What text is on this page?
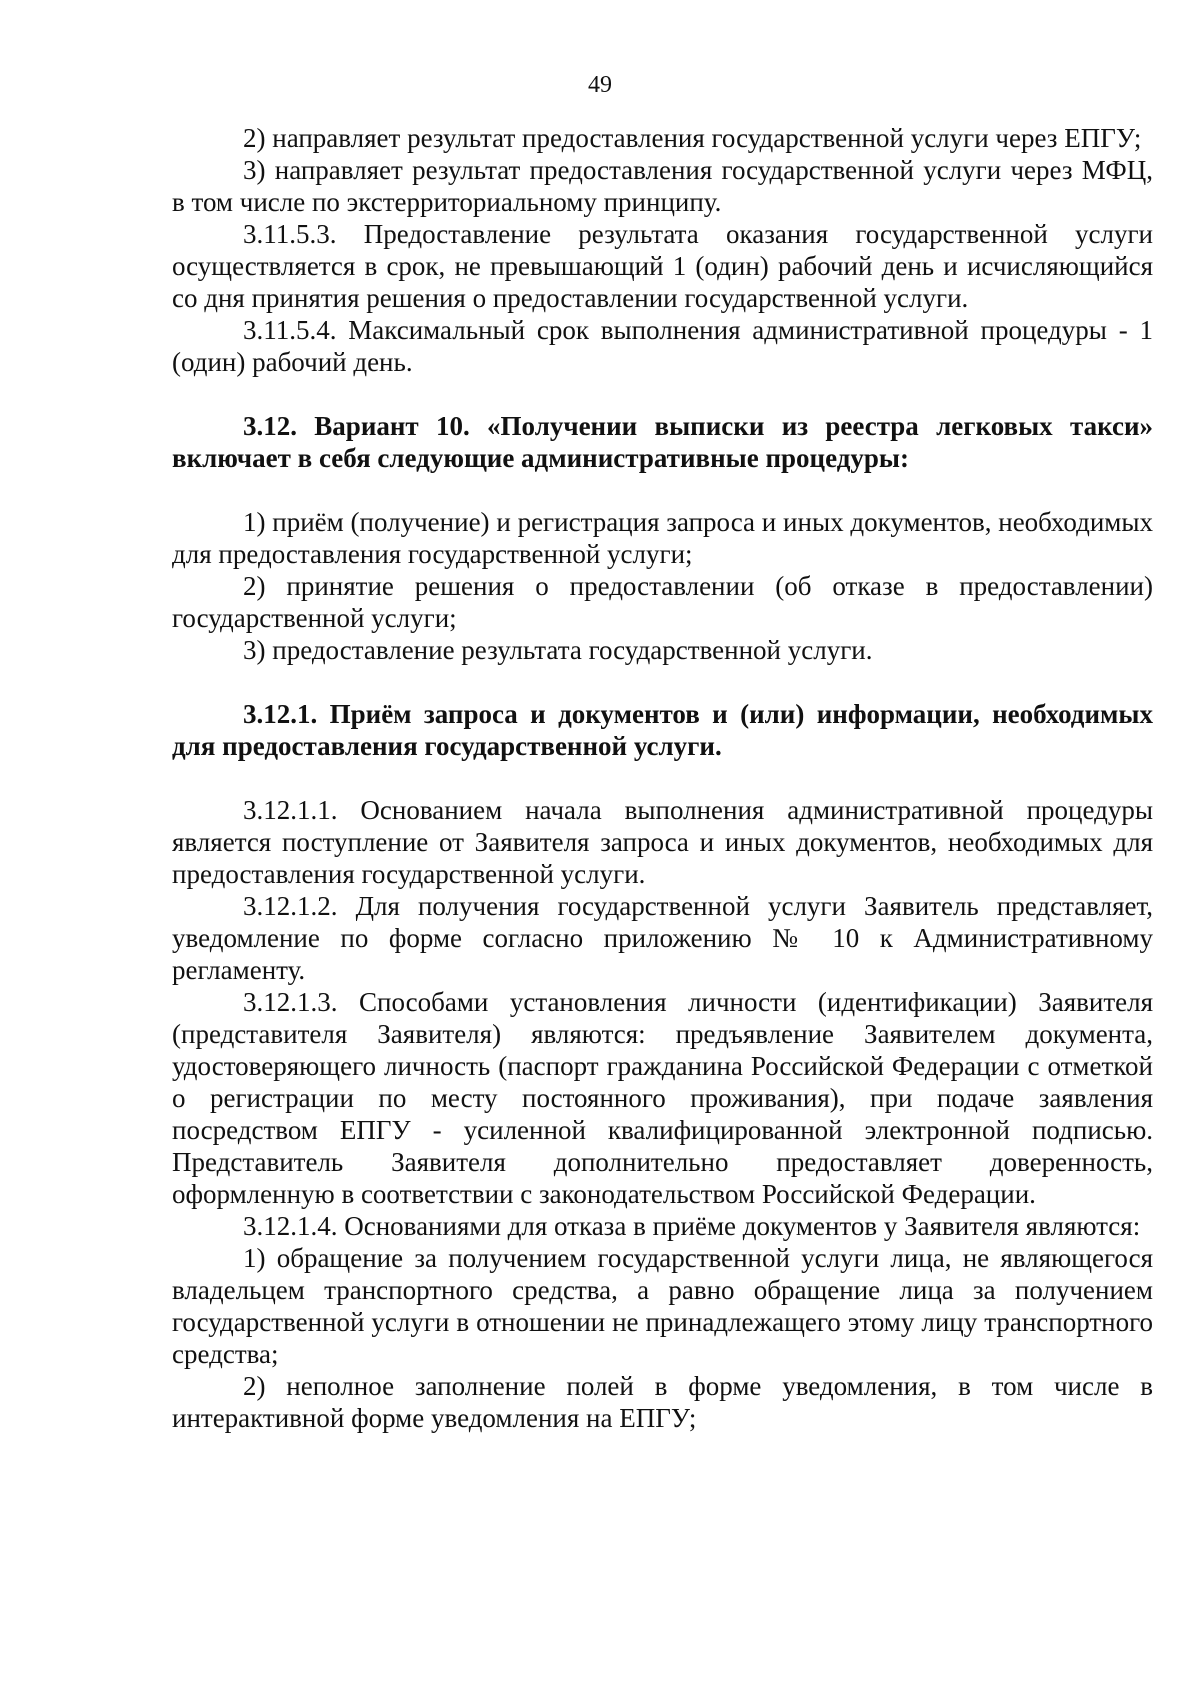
49

2) направляет результат предоставления государственной услуги через ЕПГУ;

3) направляет результат предоставления государственной услуги через МФЦ, в том числе по экстерриториальному принципу.

3.11.5.3. Предоставление результата оказания государственной услуги осуществляется в срок, не превышающий 1 (один) рабочий день и исчисляющийся со дня принятия решения о предоставлении государственной услуги.

3.11.5.4. Максимальный срок выполнения административной процедуры - 1 (один) рабочий день.

3.12. Вариант 10. «Получении выписки из реестра легковых такси» включает в себя следующие административные процедуры:

1) приём (получение) и регистрация запроса и иных документов, необходимых для предоставления государственной услуги;

2) принятие решения о предоставлении (об отказе в предоставлении) государственной услуги;

3) предоставление результата государственной услуги.

3.12.1. Приём запроса и документов и (или) информации, необходимых для предоставления государственной услуги.

3.12.1.1. Основанием начала выполнения административной процедуры является поступление от Заявителя запроса и иных документов, необходимых для предоставления государственной услуги.

3.12.1.2. Для получения государственной услуги Заявитель представляет, уведомление по форме согласно приложению № 10 к Административному регламенту.

3.12.1.3. Способами установления личности (идентификации) Заявителя (представителя Заявителя) являются: предъявление Заявителем документа, удостоверяющего личность (паспорт гражданина Российской Федерации с отметкой о регистрации по месту постоянного проживания), при подаче заявления посредством ЕПГУ - усиленной квалифицированной электронной подписью. Представитель Заявителя дополнительно предоставляет доверенность, оформленную в соответствии с законодательством Российской Федерации.

3.12.1.4. Основаниями для отказа в приёме документов у Заявителя являются:

1) обращение за получением государственной услуги лица, не являющегося владельцем транспортного средства, а равно обращение лица за получением государственной услуги в отношении не принадлежащего этому лицу транспортного средства;

2) неполное заполнение полей в форме уведомления, в том числе в интерактивной форме уведомления на ЕПГУ;
